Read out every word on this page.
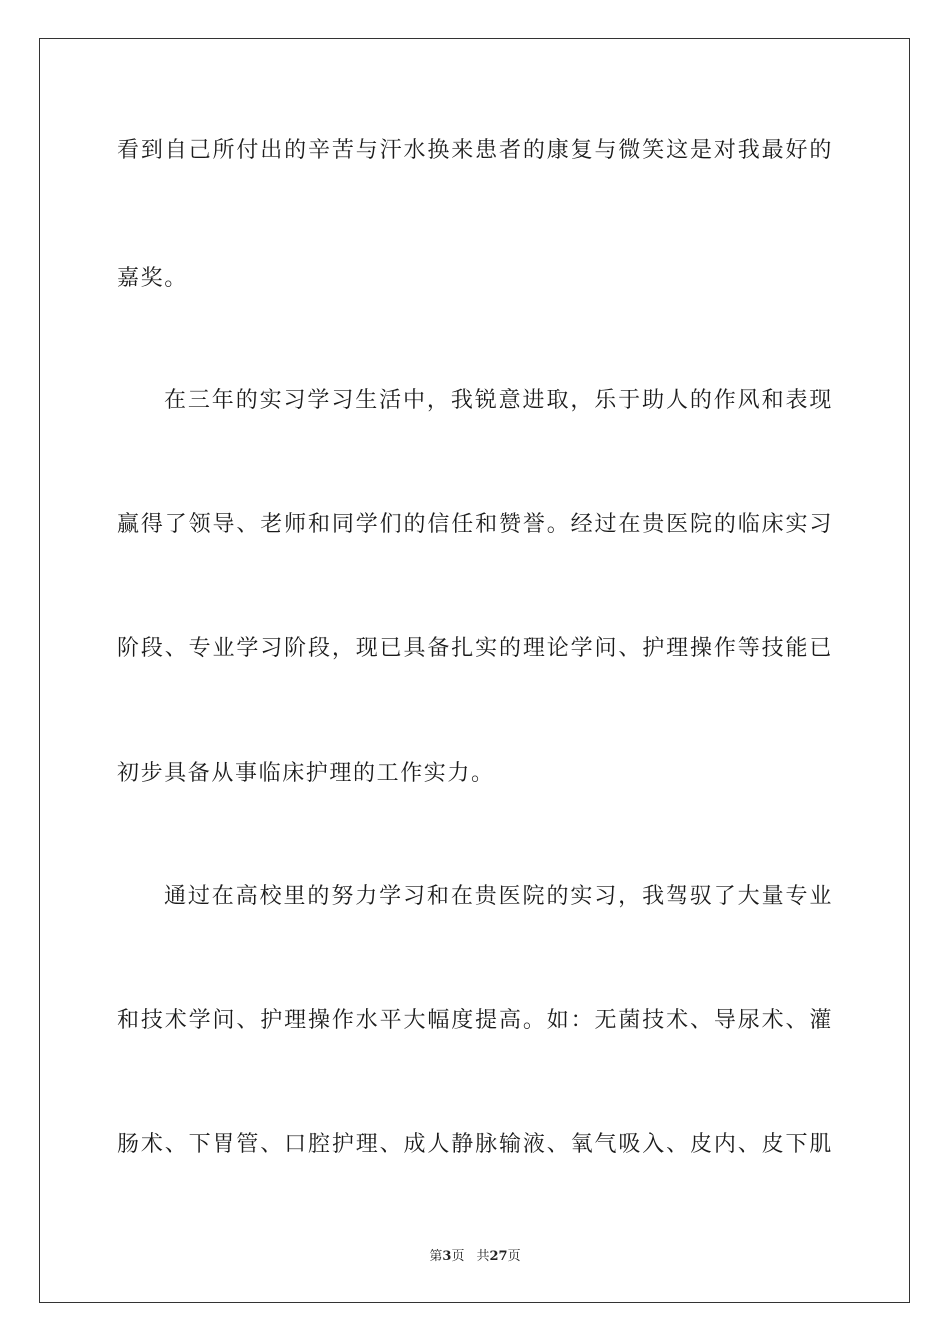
看到自己所付出的辛苦与汗水换来患者的康复与微笑这是对我最好的
嘉奖。
在三年的实习学习生活中，我锐意进取，乐于助人的作风和表现
赢得了领导、老师和同学们的信任和赞誉。经过在贵医院的临床实习
阶段、专业学习阶段，现已具备扎实的理论学问、护理操作等技能已
初步具备从事临床护理的工作实力。
通过在高校里的努力学习和在贵医院的实习，我驾驭了大量专业
和技术学问、护理操作水平大幅度提高。如：无菌技术、导尿术、灌
肠术、下胃管、口腔护理、成人静脉输液、氧气吸入、皮内、皮下肌
第3页 共27页
